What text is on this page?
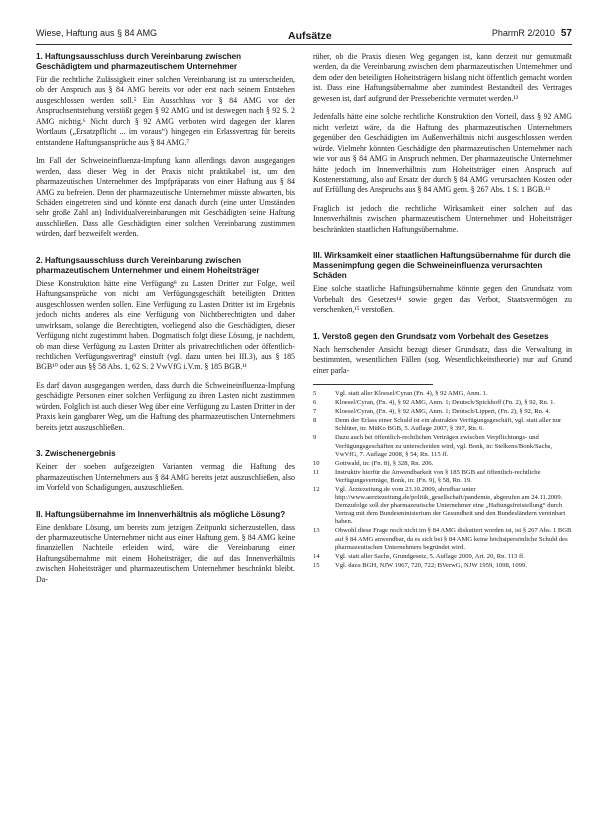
Wiese, Haftung aus § 84 AMG	Aufsätze	PharmR 2/2010 57
1. Haftungsausschluss durch Vereinbarung zwischen Geschädigtem und pharmazeutischem Unternehmer

Für die rechtliche Zulässigkeit einer solchen Vereinbarung ist zu unterscheiden, ob der Anspruch aus § 84 AMG bereits vor oder erst nach seinem Entstehen ausgeschlossen werden soll.⁵ Ein Ausschluss vor § 84 AMG vor der Anspruchsentstehung verstößt gegen § 92 AMG und ist deswegen nach § 92 S. 2 AMG nichtig.⁶ Nicht durch § 92 AMG verboten wird dagegen der klaren Wortlauts („Ersatzpflicht ... im voraus“) hingegen ein Erlassvertrag für bereits entstandene Haftungsansprüche aus § 84 AMG.⁷

Im Fall der Schweineinfluenza-Impfung kann allerdings davon ausgegangen werden, dass dieser Weg in der Praxis nicht praktikabel ist, um den pharmazeutischen Unternehmer des Impfpräparats von einer Haftung aus § 84 AMG zu befreien. Denn der pharmazeutische Unternehmer müsste abwarten, bis Schäden eingetreten sind und könnte erst danach durch (eine unter Umständen sehr große Zahl an) Individualvereinbarungen mit Geschädigten seine Haftung ausschließen. Dass alle Geschädigten einer solchen Vereinbarung zustimmen würden, darf bezweifelt werden.

2. Haftungsausschluss durch Vereinbarung zwischen pharmazeutischem Unternehmer und einem Hoheitsträger

Diese Konstruktion hätte eine Verfügung⁸ zu Lasten Dritter zur Folge, weil Haftungsansprüche von nicht am Verfügungsgeschäft beteiligten Dritten ausgeschlossen werden sollen. Eine Verfügung zu Lasten Dritter ist im Ergebnis jedoch nichts anderes als eine Verfügung von Nichtberechtigten und daher unwirksam, solange die Berechtigten, vorliegend also die Geschädigten, dieser Verfügung nicht zugestimmt haben. Dogmatisch folgt diese Lösung, je nachdem, ob man diese Verfügung zu Lasten Dritter als privatrechtlichen oder öffentlich-rechtlichen Verfügungsvertrag⁹ einstuft (vgl. dazu unten bei III.3), aus § 185 BGB¹⁰ oder aus §§ 58 Abs. 1, 62 S. 2 VwVfG i.V.m. § 185 BGB.¹¹

Es darf davon ausgegangen werden, dass durch die Schweineinfluenza-Impfung geschädigte Personen einer solchen Verfügung zu ihren Lasten nicht zustimmen würden. Folglich ist auch dieser Weg über eine Verfügung zu Lasten Dritter in der Praxis kein gangbarer Weg, um die Haftung des pharmazeutischen Unternehmers bereits jetzt auszuschließen.

3. Zwischenergebnis

Keiner der soeben aufgezeigten Varianten vermag die Haftung des pharmazeutischen Unternehmers aus § 84 AMG bereits jetzt auszuschließen, also im Vorfeld von Schadigungen, auszuschließen.

II. Haftungsübernahme im Innenverhältnis als mögliche Lösung?

Eine denkbare Lösung, um bereits zum jetzigen Zeitpunkt sicherzustellen, dass der pharmazeutische Unternehmer nicht aus einer Haftung gem. § 84 AMG keine finanziellen Nachteile erleiden wird, wäre die Vereinbarung einer Haftungsübernahme mit einem Hoheitsträger, die auf das Innenverhältnis zwischen Hoheitsträger und pharmazeutischem Unternehmer beschränkt bleibt. Da-

rüber, ob die Praxis diesen Weg gegangen ist, kann derzeit nur gemutmaßt werden, da die Vereinbarung zwischen dem pharmazeutischen Unternehmer und dem oder den beteiligten Hoheitsträgern bislang nicht öffentlich gemacht worden ist. Dass eine Haftungsübernahme aber zumindest Bestandteil des Vertrages gewesen ist, darf aufgrund der Presseberichte vermutet werden.¹²

Jedenfalls hätte eine solche rechtliche Konstruktion den Vorteil, dass § 92 AMG nicht verletzt wäre, da die Haftung des pharmazeutischen Unternehmers gegenüber den Geschädigten im Außenverhältnis nicht ausgeschlossen werden würde. Vielmehr könnten Geschädigte den pharmazeutischen Unternehmer nach wie vor aus § 84 AMG in Anspruch nehmen. Der pharmazeutische Unternehmer hätte jedoch im Innenverhältnis zum Hoheitsträger einen Anspruch auf Kostenerstattung, also auf Ersatz der durch § 84 AMG verursachten Kosten oder auf Erfüllung des Anspruchs aus § 84 AMG gem. § 267 Abs. 1 S. 1 BGB.¹³

Fraglich ist jedoch die rechtliche Wirksamkeit einer solchen auf das Innenverhältnis zwischen pharmazeutischem Unternehmer und Hoheitsträger beschränkten staatlichen Haftungsübernahme.

III. Wirksamkeit einer staatlichen Haftungsübernahme für durch die Massenimpfung gegen die Schweineinfluenza verursachten Schäden

Eine solche staatliche Haftungsübernahme könnte gegen den Grundsatz vom Vorbehalt des Gesetzes¹⁴ sowie gegen das Verbot, Staatsvermögen zu verschenken,¹⁵ verstoßen.

1. Verstoß gegen den Grundsatz vom Vorbehalt des Gesetzes

Nach herrschender Ansicht bezugt dieser Grundsatz, dass die Verwaltung in bestimmten, wesentlichen Fällen (sog. Wesentlichkeitstheorie) nur auf Grund einer parla-

5	Vgl. statt aller Kloesel/Cyran (Fn. 4), § 92 AMG, Anm. 1.
6	Kloesel/Cyran, (Fn. 4), § 92 AMG, Anm. 1; Deutsch/Spickhoff (Fn. 2), § 92, Rn. 1.
7	Kloesel/Cyran, (Fn. 4), § 92 AMG, Anm. 1; Deutsch/Lippert, (Fn. 2), § 92, Rn. 4.
8	Denn der Erlass einer Schuld ist ein abstraktes Verfügungsgeschäft, vgl. statt aller nur Schlüter, in: MüKo BGB, 5. Auflage 2007, § 397, Rn. 6.
9	Dazu auch bei öffentlich-rechtlichen Verträgen zwischen Verpflichtungs- und Verfügungsgeschäften zu unterscheiden wird, vgl. Bonk, in: Stelkens/Bonk/Sachs, VwVfG, 7. Auflage 2008, § 54, Rn. 115 ff.
10 Gottwald, in: (Fn. 8), § 328, Rn. 206.
11 Instruktiv hierfür die Anwendbarkeit von § 185 BGB auf öffentlich-rechtliche Verfügungsverträge, Bonk, in: (Fn. 9), § 58, Rn. 19.
12 Vgl. Ärztezeitung.de vom 23.10.2009, abrufbar unter http://www.aerztezeitung.de/politik_gesellschaft/pandemie, abgerufen am 24.11.2009. Demzufolge soll der pharmazeutische Unternehmer eine „Haftungsfreistellung“ durch Vertrag mit dem Bundesministerium der Gesundheit und den Bundesländern vereinbart haben.
13 Obwohl diese Frage noch nicht im § 84 AMG diskutiert worden ist, ist § 267 Abs. 1 BGB auf § 84 AMG anwendbar, da es sich bei § 84 AMG keine höchstpersönliche Schuld des pharmazeutischen Unternehmers begründet wird.
14 Vgl. statt aller Sachs, Grundgesetz, 5. Auflage 2009, Art. 20, Rn. 113 ff.
15 Vgl. dazu BGH, NJW 1967, 720, 722; BVerwG, NJW 1959, 1098, 1099.
